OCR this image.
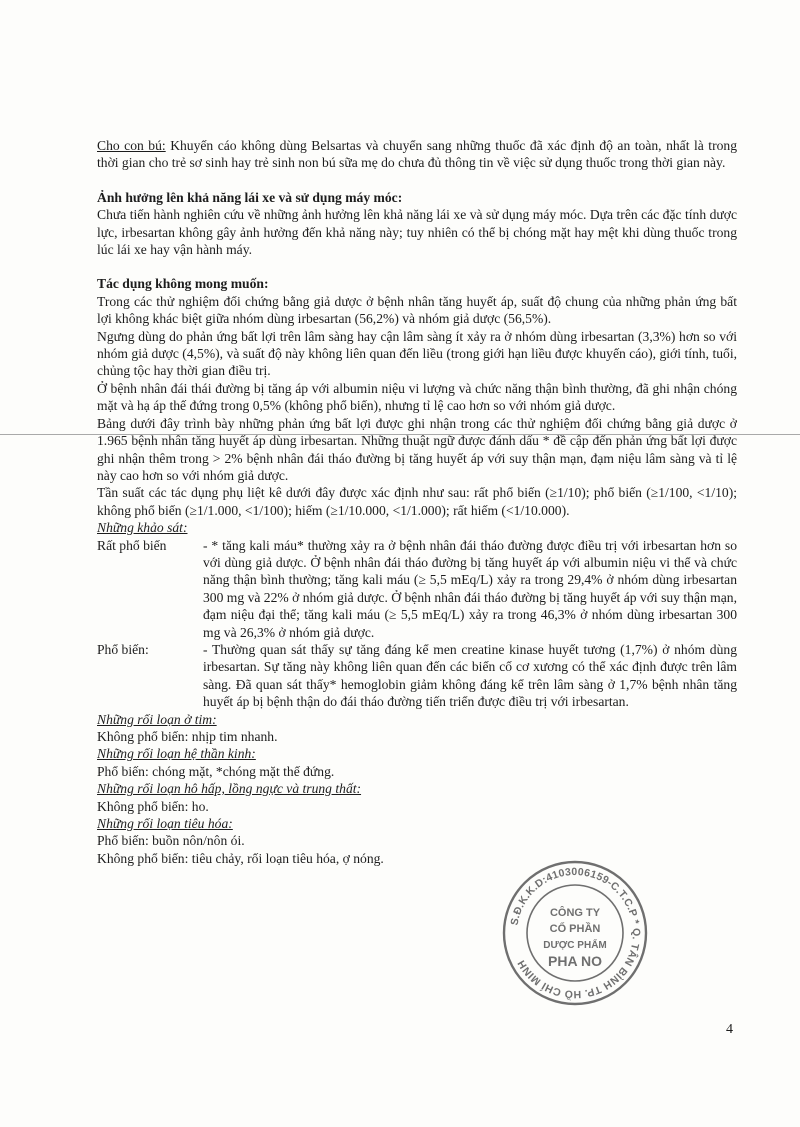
Cho con bú: Khuyến cáo không dùng Belsartas và chuyển sang những thuốc đã xác định độ an toàn, nhất là trong thời gian cho trẻ sơ sinh hay trẻ sinh non bú sữa mẹ do chưa đủ thông tin về việc sử dụng thuốc trong thời gian này.

Ảnh hưởng lên khả năng lái xe và sử dụng máy móc:

Chưa tiến hành nghiên cứu về những ảnh hưởng lên khả năng lái xe và sử dụng máy móc. Dựa trên các đặc tính dược lực, irbesartan không gây ảnh hưởng đến khả năng này; tuy nhiên có thể bị chóng mặt hay mệt khi dùng thuốc trong lúc lái xe hay vận hành máy.

Tác dụng không mong muốn:

Trong các thử nghiệm đối chứng bằng giả dược ở bệnh nhân tăng huyết áp, suất độ chung của những phản ứng bất lợi không khác biệt giữa nhóm dùng irbesartan (56,2%) và nhóm giả dược (56,5%).

Ngưng dùng do phản ứng bất lợi trên lâm sàng hay cận lâm sàng ít xảy ra ở nhóm dùng irbesartan (3,3%) hơn so với nhóm giả dược (4,5%), và suất độ này không liên quan đến liều (trong giới hạn liều được khuyến cáo), giới tính, tuổi, chủng tộc hay thời gian điều trị.

Ở bệnh nhân đái thái đường bị tăng áp với albumin niệu vi lượng và chức năng thận bình thường, đã ghi nhận chóng mặt và hạ áp thế đứng trong 0,5% (không phổ biến), nhưng tỉ lệ cao hơn so với nhóm giả dược.

Bảng dưới đây trình bày những phản ứng bất lợi được ghi nhận trong các thử nghiệm đối chứng bằng giả dược ở 1.965 bệnh nhân tăng huyết áp dùng irbesartan. Những thuật ngữ được đánh dấu * đề cập đến phản ứng bất lợi được ghi nhận thêm trong > 2% bệnh nhân đái tháo đường bị tăng huyết áp với suy thận mạn, đạm niệu lâm sàng và tỉ lệ này cao hơn so với nhóm giả dược.

Tần suất các tác dụng phụ liệt kê dưới đây được xác định như sau: rất phổ biến (≥1/10); phổ biến (≥1/100, <1/10); không phổ biến (≥1/1.000, <1/100); hiếm (≥1/10.000, <1/1.000); rất hiếm (<1/10.000).

Những khảo sát:

Rất phổ biến	- * tăng kali máu* thường xảy ra ở bệnh nhân đái tháo đường được điều trị với irbesartan hơn so với dùng giả dược. Ở bệnh nhân đái tháo đường bị tăng huyết áp với albumin niệu vi thể và chức năng thận bình thường; tăng kali máu (≥ 5,5 mEq/L) xảy ra trong 29,4% ở nhóm dùng irbesartan 300 mg và 22% ở nhóm giả dược. Ở bệnh nhân đái tháo đường bị tăng huyết áp với suy thận mạn, đạm niệu đại thể; tăng kali máu (≥ 5,5 mEq/L) xảy ra trong 46,3% ở nhóm dùng irbesartan 300 mg và 26,3% ở nhóm giả dược.
Phổ biến:	- Thường quan sát thấy sự tăng đáng kể men creatine kinase huyết tương (1,7%) ở nhóm dùng irbesartan. Sự tăng này không liên quan đến các biến cố cơ xương có thể xác định được trên lâm sàng. Đã quan sát thấy* hemoglobin giảm không đáng kể trên lâm sàng ở 1,7% bệnh nhân tăng huyết áp bị bệnh thận do đái tháo đường tiến triển được điều trị với irbesartan.

Những rối loạn ở tim:

Không phổ biến: nhịp tim nhanh.

Những rối loạn hệ thần kinh:

Phổ biến: chóng mặt, *chóng mặt thế đứng.

Những rối loạn hô hấp, lồng ngực và trung thất:

Không phổ biến: ho.

Những rối loạn tiêu hóa:

Phổ biến: buồn nôn/nôn ói.

Không phổ biến: tiêu chảy, rối loạn tiêu hóa, ợ nóng.

S.Đ.K.K.D:4103006159-C.T.C.P * Q. TÂN BÌNH TP. HỒ CHÍ MINH
CÔNG TY
CỔ PHẦN
DƯỢC PHẨM
PHA NO
4
